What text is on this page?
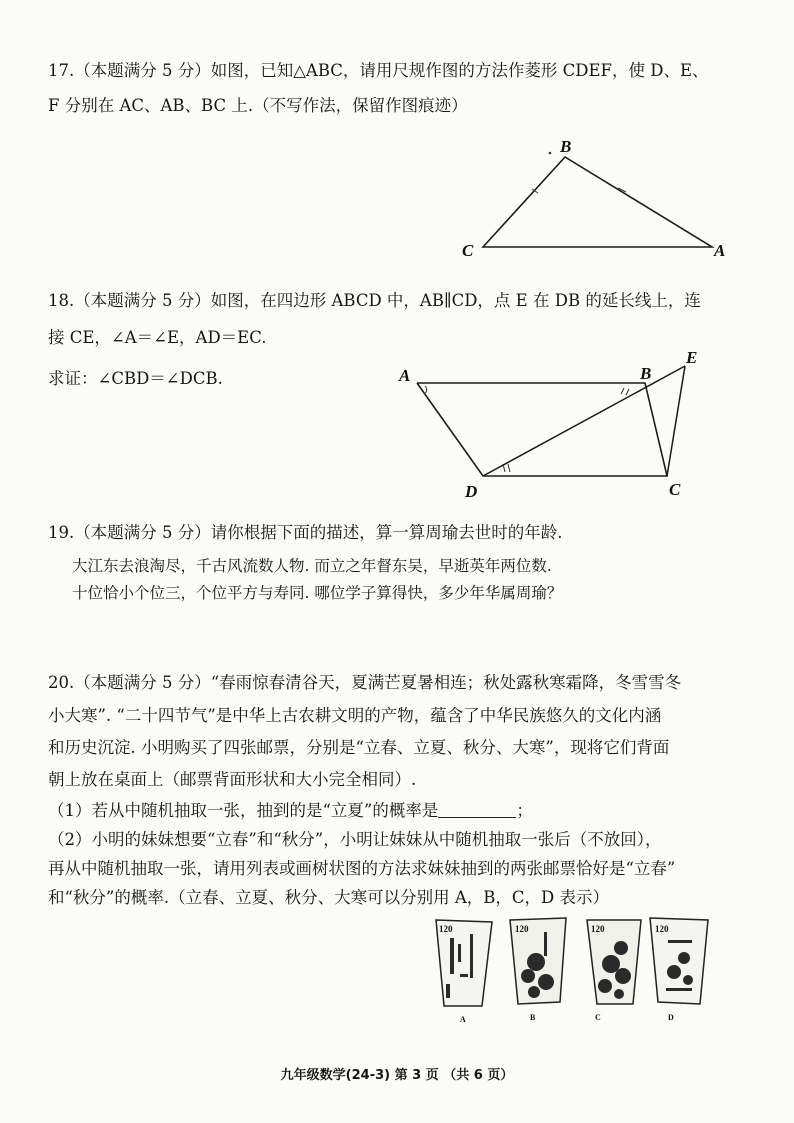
17.（本题满分 5 分）如图，已知△ABC，请用尺规作图的方法作菱形 CDEF，使 D、E、
F 分别在 AC、AB、BC 上.（不写作法，保留作图痕迹）
B
C	A
18.（本题满分 5 分）如图，在四边形 ABCD 中，AB∥CD，点 E 在 DB 的延长线上，连
接 CE，∠A＝∠E，AD＝EC.
求证：∠CBD＝∠DCB.	A	B
E
D	C
19.（本题满分 5 分）请你根据下面的描述，算一算周瑜去世时的年龄.
大江东去浪淘尽，千古风流数人物. 而立之年督东吴，早逝英年两位数.
十位恰小个位三，个位平方与寿同. 哪位学子算得快，多少年华属周瑜？
20.（本题满分 5 分）“春雨惊春清谷天，夏满芒夏暑相连；秋处露秋寒霜降，冬雪雪冬
小大寒”. “二十四节气”是中华上古农耕文明的产物，蕴含了中华民族悠久的文化内涵
和历史沉淀. 小明购买了四张邮票，分别是“立春、立夏、秋分、大寒”，现将它们背面
朝上放在桌面上（邮票背面形状和大小完全相同）.
（1）若从中随机抽取一张，抽到的是“立夏”的概率是	；
（2）小明的妹妹想要“立春”和“秋分”，小明让妹妹从中随机抽取一张后（不放回），
再从中随机抽取一张，请用列表或画树状图的方法求妹妹抽到的两张邮票恰好是“立春”
和“秋分”的概率.（立春、立夏、秋分、大寒可以分别用 A，B，C，D 表示）
120
A
120
B
120
C
120
D
九年级数学(24-3) 第 3 页 （共 6 页）
